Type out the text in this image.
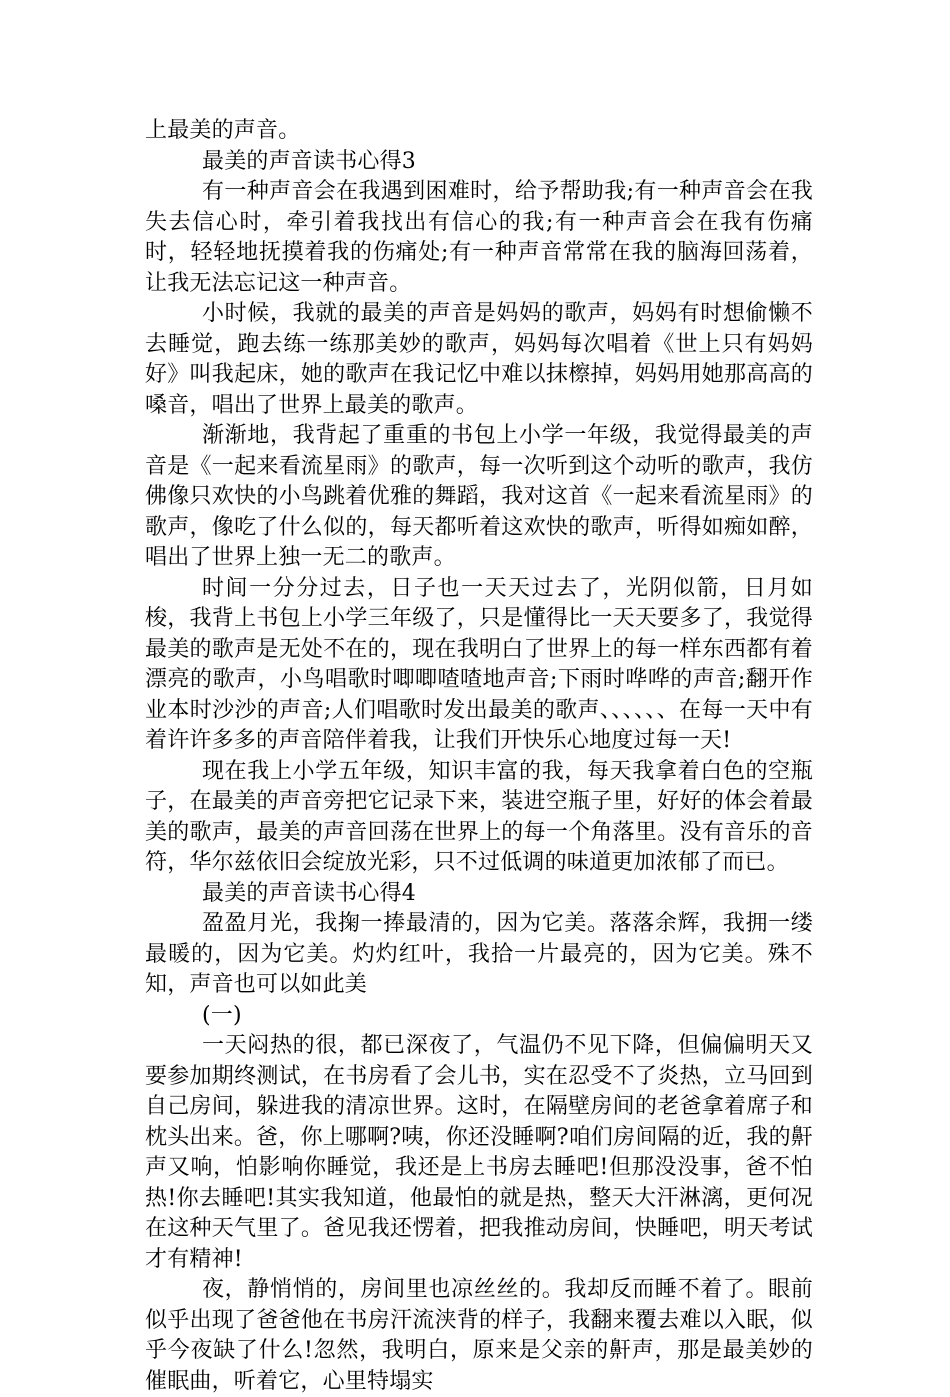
上最美的声音。

最美的声音读书心得3

有一种声音会在我遇到困难时，给予帮助我;有一种声音会在我失去信心时，牵引着我找出有信心的我;有一种声音会在我有伤痛时，轻轻地抚摸着我的伤痛处;有一种声音常常在我的脑海回荡着，让我无法忘记这一种声音。

小时候，我就的最美的声音是妈妈的歌声，妈妈有时想偷懒不去睡觉，跑去练一练那美妙的歌声，妈妈每次唱着《世上只有妈妈好》叫我起床，她的歌声在我记忆中难以抹檫掉，妈妈用她那高高的嗓音，唱出了世界上最美的歌声。

渐渐地，我背起了重重的书包上小学一年级，我觉得最美的声音是《一起来看流星雨》的歌声，每一次听到这个动听的歌声，我仿佛像只欢快的小鸟跳着优雅的舞蹈，我对这首《一起来看流星雨》的歌声，像吃了什么似的，每天都听着这欢快的歌声，听得如痴如醉，唱出了世界上独一无二的歌声。

时间一分分过去，日子也一天天过去了，光阴似箭，日月如梭，我背上书包上小学三年级了，只是懂得比一天天要多了，我觉得最美的歌声是无处不在的，现在我明白了世界上的每一样东西都有着漂亮的歌声，小鸟唱歌时唧唧喳喳地声音;下雨时哗哗的声音;翻开作业本时沙沙的声音;人们唱歌时发出最美的歌声、、、、、、在每一天中有着许许多多的声音陪伴着我，让我们开快乐心地度过每一天!

现在我上小学五年级，知识丰富的我，每天我拿着白色的空瓶子，在最美的声音旁把它记录下来，装进空瓶子里，好好的体会着最美的歌声，最美的声音回荡在世界上的每一个角落里。没有音乐的音符，华尔兹依旧会绽放光彩，只不过低调的味道更加浓郁了而已。

最美的声音读书心得4

盈盈月光，我掬一捧最清的，因为它美。落落余辉，我拥一缕最暖的，因为它美。灼灼红叶，我拾一片最亮的，因为它美。殊不知，声音也可以如此美

(一)

一天闷热的很，都已深夜了，气温仍不见下降，但偏偏明天又要参加期终测试，在书房看了会儿书，实在忍受不了炎热，立马回到自己房间，躲进我的清凉世界。这时，在隔壁房间的老爸拿着席子和枕头出来。爸，你上哪啊?咦，你还没睡啊?咱们房间隔的近，我的鼾声又响，怕影响你睡觉，我还是上书房去睡吧!但那没没事，爸不怕热!你去睡吧!其实我知道，他最怕的就是热，整天大汗淋漓，更何况在这种天气里了。爸见我还愣着，把我推动房间，快睡吧，明天考试才有精神!

夜，静悄悄的，房间里也凉丝丝的。我却反而睡不着了。眼前似乎出现了爸爸他在书房汗流浃背的样子，我翻来覆去难以入眠，似乎今夜缺了什么!忽然，我明白，原来是父亲的鼾声，那是最美妙的催眠曲，听着它，心里特塌实
